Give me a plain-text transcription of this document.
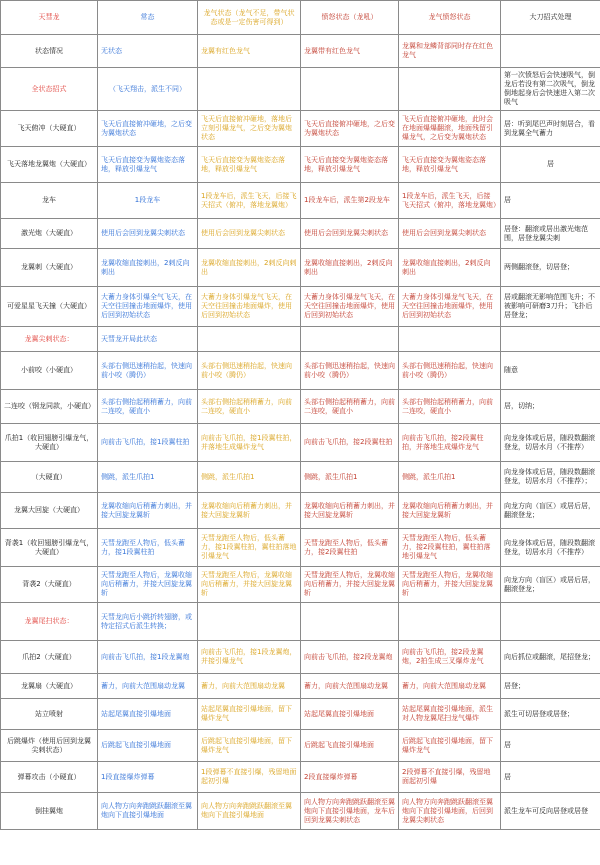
天彗龙	常态	龙气状态（龙气不足，带气状态或是一定伤害可得到）	愤怒状态（龙吼）	龙气愤怒状态	大刀招式处理
状态情况	无状态	龙翼有红色龙气	龙翼带有红色龙气	龙翼和龙鳞背部同时存在红色龙气	
全状态招式	（飞天翔击，派生不同）				第一次愤怒后会快速吸气，倒龙后若没有第二次吸气，倒龙倒地起身后会快速进入第二次吸气
飞天俯冲（大硬直）	飞天后直接俯冲砸地，之后变为翼炮状态	飞天后直接俯冲砸地，落地后立刻引爆龙气，之后变为翼炮状态	飞天后直接俯冲砸地，之后变为翼炮状态	飞天后直接俯冲砸地，此时会在地面爆爆翻滚，地面残留引爆龙气，之后变为翼炮状态	居：听到尾巴声时刻居合，看到龙翼全气蓄力
飞天落地龙翼炮（大硬直）	飞天后直接变为翼炮姿态落地，释放引爆龙气	飞天后直接变为翼炮姿态落地，释放引爆龙气	飞天后直接变为翼炮姿态落地，释放引爆龙气	飞天后直接变为翼炮姿态落地，释放引爆龙气	居
龙车	1段龙车	1段龙车后，派生飞天，后接飞天招式（俯冲，落地龙翼炮）	1段龙车后，派生第2段龙车	1段龙车后，派生飞天，后接飞天招式（俯冲，落地龙翼炮）	居
激光炮（大硬直）	使用后会回到龙翼尖刺状态	使用后会回到龙翼尖刺状态	使用后会回到龙翼尖刺状态	使用后会回到龙翼尖刺状态	居登：翻滚或居出激光炮范围，居登龙翼尖刺
龙翼刺（大硬直）	龙翼收缩直接刺出，2刺反向刺出	龙翼收缩直接刺出，2刺反向刺出	龙翼收缩直接刺出，2刺反向刺出	龙翼收缩直接刺出，2刺反向刺出	两侧翻滚登，切居登；
可爱星星飞天撞（大硬直）	大蓄力身体引爆全气飞天，在天空往回撞击地面爆炸，使用后回到初始状态	大蓄力身体引爆龙气飞天，在天空往回撞击地面爆炸，使用后回到初始状态	大蓄力身体引爆龙气飞天，在天空往回撞击地面爆炸，使用后回到初始状态	大蓄力身体引爆龙气飞天，在天空往回撞击地面爆炸，使用后回到初始状态	居或翻滚无影响范围飞升；不被影响可研磨3刀升；飞扑后居登龙；
龙翼尖刺状态：	天彗龙开局此状态				
小前咬（小硬直）	头部右侧迅速稍抬起，快速向前小咬（腾仍）	头部右侧迅速稍抬起，快速向前小咬（腾仍）	头部右侧迅速稍抬起，快速向前小咬（腾仍）	头部右侧迅速稍抬起，快速向前小咬（腾仍）	随意
二连咬（钢龙同款，小硬直）	头部右侧抬起稍稍蓄力，向前二连咬，硬直小	头部右侧抬起稍稍蓄力，向前二连咬，硬直小	头部右侧抬起稍稍蓄力，向前二连咬，硬直小	头部右侧抬起稍稍蓄力，向前二连咬，硬直小	居，切纳；
爪拍1（收回翅膀引爆龙气，大硬直）	向前击飞爪拍，接1段翼柱拍	向前击飞爪拍，接1段翼柱拍，并落地生成爆炸龙气	向前击飞爪拍，接2段翼柱拍	向前击飞爪拍，接2段翼柱拍，并落地生成爆炸龙气	向龙身体或后居，随段数翻滚登龙，切居水月（不推荐）
（大硬直）	侧跳，派生爪拍1	侧跳，派生爪拍1	侧跳，派生爪拍1	侧跳，派生爪拍1	向龙身体或后居，随段数翻滚登龙，切居水月（不推荐）；
龙翼大回旋（大硬直）	龙翼收缩向后稍蓄力刺出，并接大回旋龙翼斩	龙翼收缩向后稍蓄力刺出，并接大回旋龙翼斩	龙翼收缩向后稍蓄力刺出，并接大回旋龙翼斩	龙翼收缩向后稍蓄力刺出，并接大回旋龙翼斩	向龙方向（盲区）或居后居，翻滚登龙；
背袭1（收回翅膀引爆龙气，大硬直）	天彗龙跑至人物后，低头蓄力，接1段翼柱拍	天彗龙跑至人物后，低头蓄力，接1段翼柱拍，翼柱拍落地引爆龙气	天彗龙跑至人物后，低头蓄力，接2段翼柱拍	天彗龙跑至人物后，低头蓄力，接2段翼柱拍，翼柱拍落地引爆龙气	向龙身体或后居，随段数翻滚登龙，切居水月（不推荐）
背袭2（大硬直）	天彗龙跑至人物后，龙翼收缩向后稍蓄力，并接大回旋龙翼斩	天彗龙跑至人物后，龙翼收缩向后稍蓄力，并接大回旋龙翼斩	天彗龙跑至人物后，龙翼收缩向后稍蓄力，并接大回旋龙翼斩	天彗龙跑至人物后，龙翼收缩向后稍蓄力，并接大回旋龙翼斩	向龙方向（盲区）或居后居，翻滚登龙；
龙翼尾扫状态：	天彗龙向后小跳折转翅膀，或特定招式后派生转换；				
爪拍2（大硬直）	向前击飞爪拍，接1段龙翼炮	向前击飞爪拍，接1段龙翼炮，并接引爆龙气	向前击飞爪拍，接2段龙翼炮	向前击飞爪拍，接2段龙翼炮，2拍生成三叉爆炸龙气	向后抓位或翻滚，尾招登龙；
龙翼扇（大硬直）	蓄力，向前大范围扇动龙翼	蓄力，向前大范围扇动龙翼	蓄力，向前大范围扇动龙翼	蓄力，向前大范围扇动龙翼	居登；
站立喷射	站起尾翼直接引爆地面	站起尾翼直接引爆地面，留下爆炸龙气	站起尾翼直接引爆地面	站起尾翼直接引爆地面，派生对人物龙翼尾扫龙气爆炸	派生可切居登或居登；
后跳爆炸（使用后回到龙翼尖刺状态）	后跳起飞直接引爆地面	后跳起飞直接引爆地面，留下爆炸龙气	后跳起飞直接引爆地面	后跳起飞直接引爆地面，留下爆炸龙气	居
弹幕攻击（小硬直）	1段直接爆炸弹幕	1段弹幕不直接引爆，残留地面起初引爆	2段直接爆炸弹幕	2段弹幕不直接引爆，残留地面起初引爆	居
倒挂翼炮	向人物方向奔跑跳跃翻滚至翼炮向下直接引爆地面	向人物方向奔跑跳跃翻滚至翼炮向下直接引爆地面	向人物方向奔跑跳跃翻滚至翼炮向下直接引爆地面，龙车后回到龙翼尖刺状态	向人物方向奔跑跳跃翻滚至翼炮向下直接引爆地面，后回到龙翼尖刺状态	派生龙车可反向居登或居登
